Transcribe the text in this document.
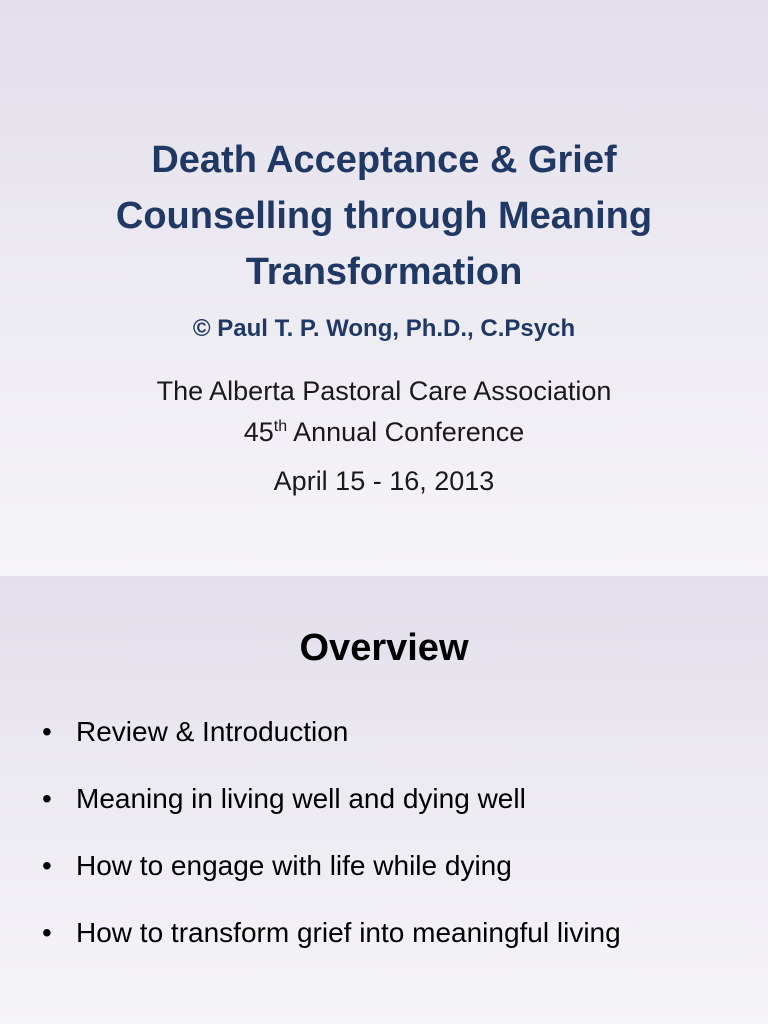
Death Acceptance & Grief
Counselling through Meaning
Transformation
© Paul T. P. Wong, Ph.D., C.Psych
The Alberta Pastoral Care Association
45th Annual Conference
April 15 - 16, 2013
Overview
• Review & Introduction
• Meaning in living well and dying well
• How to engage with life while dying
• How to transform grief into meaningful living
